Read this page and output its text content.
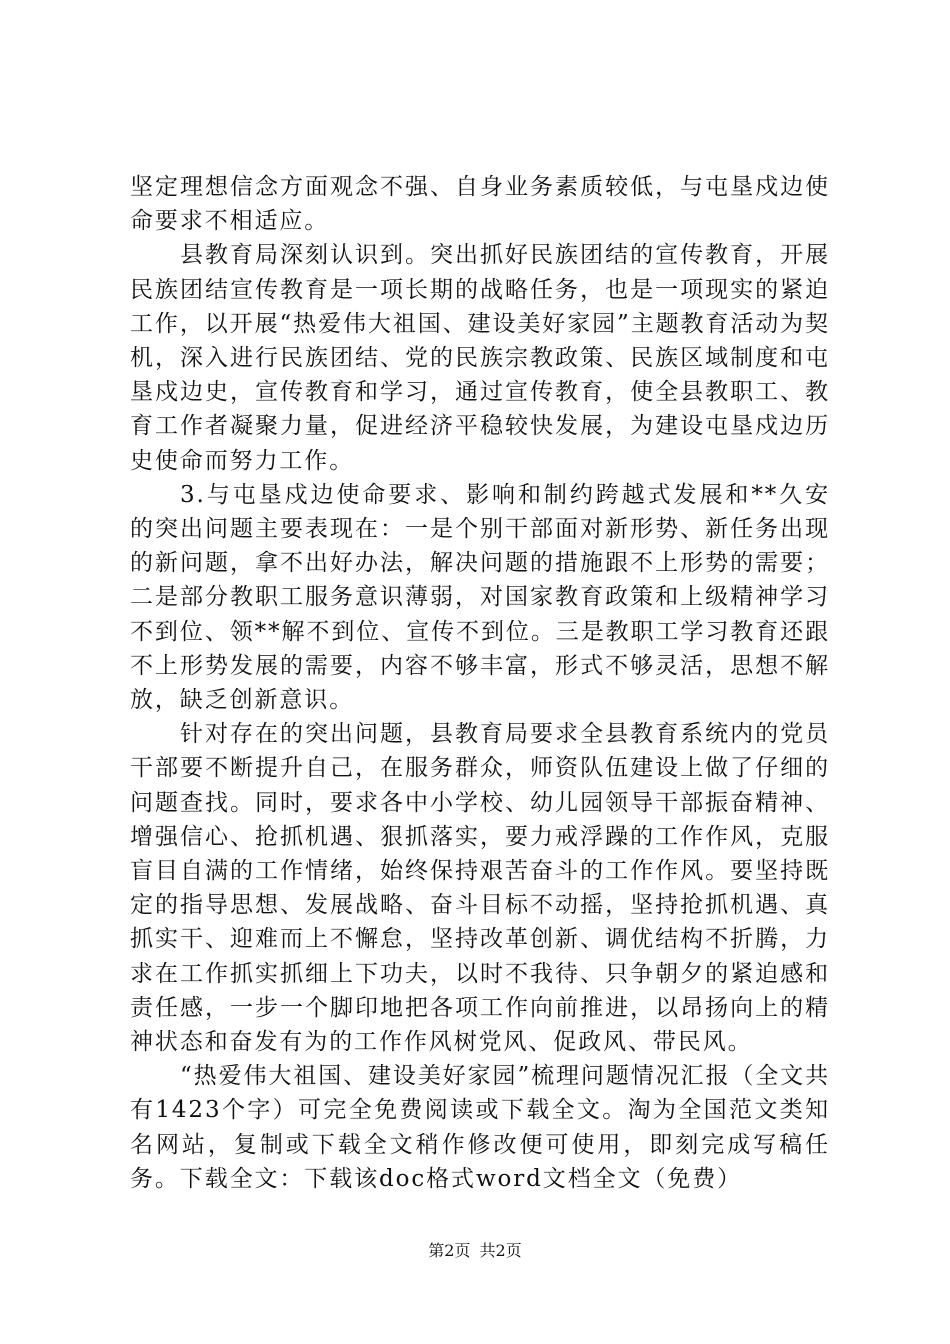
坚定理想信念方面观念不强、自身业务素质较低，与屯垦戍边使命要求不相适应。

县教育局深刻认识到。突出抓好民族团结的宣传教育，开展民族团结宣传教育是一项长期的战略任务，也是一项现实的紧迫工作，以开展“热爱伟大祖国、建设美好家园”主题教育活动为契机，深入进行民族团结、党的民族宗教政策、民族区域制度和屯垦戍边史，宣传教育和学习，通过宣传教育，使全县教职工、教育工作者凝聚力量，促进经济平稳较快发展，为建设屯垦戍边历史使命而努力工作。

3.与屯垦戍边使命要求、影响和制约跨越式发展和**久安的突出问题主要表现在：一是个别干部面对新形势、新任务出现的新问题，拿不出好办法，解决问题的措施跟不上形势的需要；二是部分教职工服务意识薄弱，对国家教育政策和上级精神学习不到位、领**解不到位、宣传不到位。三是教职工学习教育还跟不上形势发展的需要，内容不够丰富，形式不够灵活，思想不解放，缺乏创新意识。

针对存在的突出问题，县教育局要求全县教育系统内的党员干部要不断提升自己，在服务群众，师资队伍建设上做了仔细的问题查找。同时，要求各中小学校、幼儿园领导干部振奋精神、增强信心、抢抓机遇、狠抓落实，要力戒浮躁的工作作风，克服盲目自满的工作情绪，始终保持艰苦奋斗的工作作风。要坚持既定的指导思想、发展战略、奋斗目标不动摇，坚持抢抓机遇、真抓实干、迎难而上不懈怠，坚持改革创新、调优结构不折腾，力求在工作抓实抓细上下功夫，以时不我待、只争朝夕的紧迫感和责任感，一步一个脚印地把各项工作向前推进，以昂扬向上的精神状态和奋发有为的工作作风树党风、促政风、带民风。

“热爱伟大祖国、建设美好家园”梳理问题情况汇报（全文共有1423个字）可完全免费阅读或下载全文。淘为全国范文类知名网站，复制或下载全文稍作修改便可使用，即刻完成写稿任务。下载全文：下载该doc格式word文档全文（免费）

第2页 共2页
